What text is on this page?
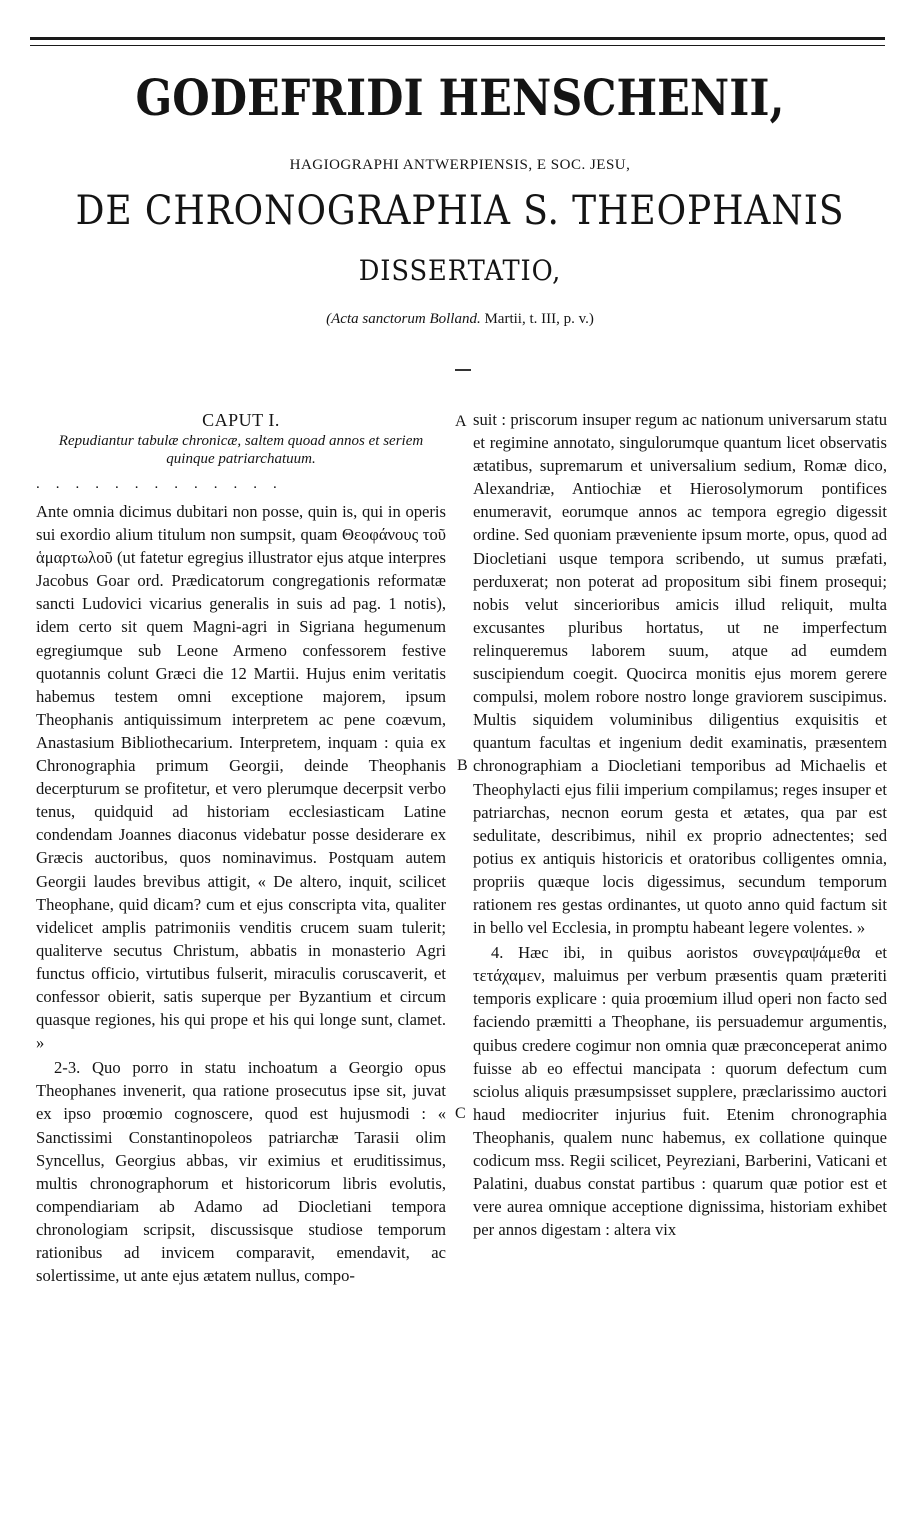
GODEFRIDI HENSCHENII,
HAGIOGRAPHI ANTWERPIENSIS, E SOC. JESU,
DE CHRONOGRAPHIA S. THEOPHANIS
DISSERTATIO,
(Acta sanctorum Bolland. Martii, t. III, p. v.)
CAPUT I.
Repudiantur tabulæ chronicæ, saltem quoad annos et seriem quinque patriarchatuum.
.............

Ante omnia dicimus dubitari non posse, quin is, qui in operis sui exordio alium titulum non sumpsit, quam Θεοφάνους τοῦ ἁμαρτωλοῦ (ut fatetur egregius illustrator ejus atque interpres Jacobus Goar ord. Prædicatorum congregationis reformatæ sancti Ludovici vicarius generalis in suis ad pag. 1 notis), idem certo sit quem Magni-agri in Sigriana hegumenum egregiumque sub Leone Armeno confessorem festive quotannis colunt Græci die 12 Martii. Hujus enim veritatis habemus testem omni exceptione majorem, ipsum Theophanis antiquissimum interpretem ac pene coævum, Anastasium Bibliothecarium. Interpretem, inquam : quia ex Chronographia primum Georgii, deinde Theophanis decerpturum se profitetur, et vero plerumque decerpsit verbo tenus, quidquid ad historiam ecclesiasticam Latine condendam Joannes diaconus videbatur posse desiderare ex Græcis auctoribus, quos nominavimus. Postquam autem Georgii laudes brevibus attigit, « De altero, inquit, scilicet Theophane, quid dicam? cum et ejus conscripta vita, qualiter videlicet amplis patrimoniis venditis crucem suam tulerit; qualiterve secutus Christum, abbatis in monasterio Agri functus officio, virtutibus fulserit, miraculis coruscaverit, et confessor obierit, satis superque per Byzantium et circum quasque regiones, his qui prope et his qui longe sunt, clamet. »

2-3. Quo porro in statu inchoatum a Georgio opus Theophanes invenerit, qua ratione prosecutus ipse sit, juvat ex ipso proœmio cognoscere, quod est hujusmodi : « Sanctissimi Constantinopoleos patriarchæ Tarasii olim Syncellus, Georgius abbas, vir eximius et eruditissimus, multis chronographorum et historicorum libris evolutis, compendiariam ab Adamo ad Diocletiani tempora chronologiam scripsit, discussisque studiose temporum rationibus ad invicem comparavit, emendavit, ac solertissime, ut ante ejus ætatem nullus, compo-

suit : priscorum insuper regum ac nationum universarum statu et regimine annotato, singulorumque quantum licet observatis ætatibus, supremarum et universalium sedium, Romæ dico, Alexandriæ, Antiochiæ et Hierosolymorum pontifices enumeravit, eorumque annos ac tempora egregio digessit ordine. Sed quoniam præveniente ipsum morte, opus, quod ad Diocletiani usque tempora scribendo, ut sumus præfati, perduxerat; non poterat ad propositum sibi finem prosequi; nobis velut sincerioribus amicis illud reliquit, multa excusantes pluribus hortatus, ut ne imperfectum relinqueremus laborem suum, atque ad eumdem suscipiendum coegit. Quocirca monitis ejus morem gerere compulsi, molem robore nostro longe graviorem suscipimus. Multis siquidem voluminibus diligentius exquisitis et quantum facultas et ingenium dedit examinatis, præsentem chronographiam a Diocletiani temporibus ad Michaelis et Theophylacti ejus filii imperium compilamus; reges insuper et patriarchas, necnon eorum gesta et ætates, qua par est sedulitate, describimus, nihil ex proprio adnectentes; sed potius ex antiquis historicis et oratoribus colligentes omnia, propriis quæque locis digessimus, secundum temporum rationem res gestas ordinantes, ut quoto anno quid factum sit in bello vel Ecclesia, in promptu habeant legere volentes. »

4. Hæc ibi, in quibus aoristos συνεγραψάμεθα et τετάχαμεν, maluimus per verbum præsentis quam præteriti temporis explicare : quia proœmium illud operi non facto sed faciendo præmitti a Theophane, iis persuademur argumentis, quibus credere cogimur non omnia quæ præconceperat animo fuisse ab eo effectui mancipata : quorum defectum cum sciolus aliquis præsumpsisset supplere, præclarissimo auctori haud mediocriter injurius fuit. Etenim chronographia Theophanis, qualem nunc habemus, ex collatione quinque codicum mss. Regii scilicet, Peyreziani, Barberini, Vaticani et Palatini, duabus constat partibus : quarum quæ potior est et vere aurea omnique acceptione dignissima, historiam exhibet per annos digestam : altera vix

A
B
C
